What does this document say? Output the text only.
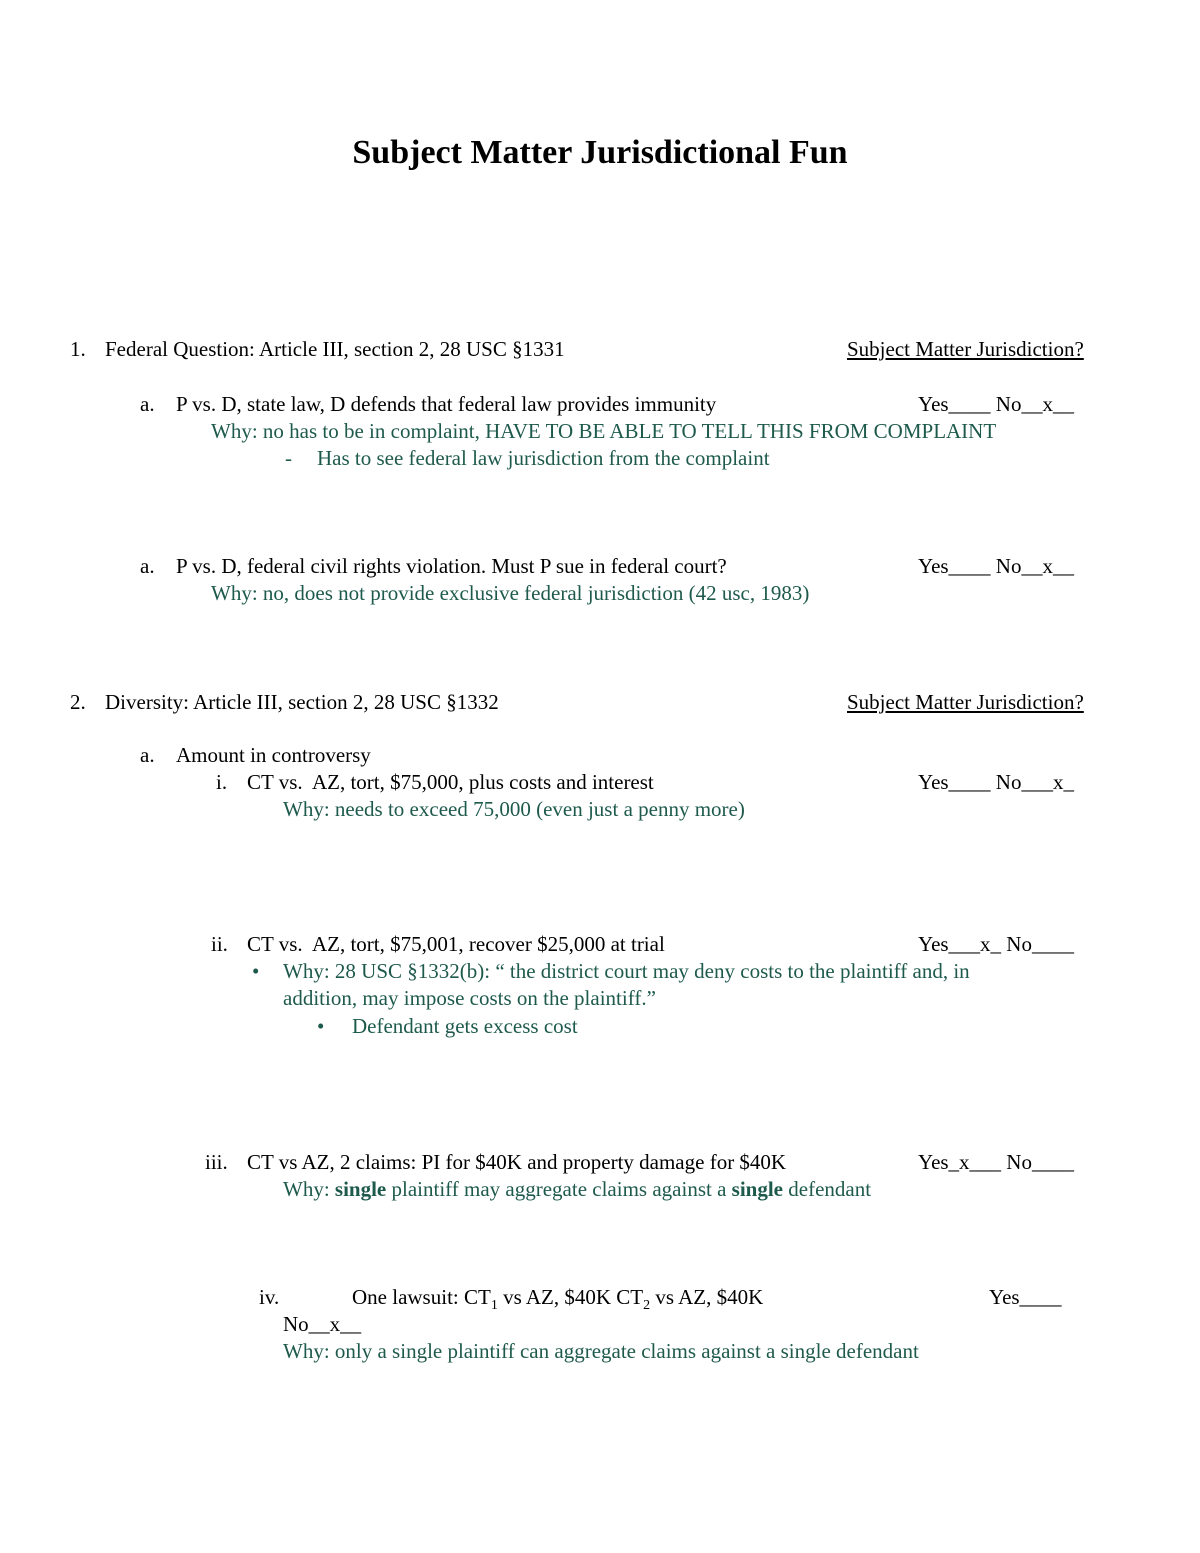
Subject Matter Jurisdictional Fun
1. Federal Question: Article III, section 2, 28 USC §1331	Subject Matter Jurisdiction?
a. P vs. D, state law, D defends that federal law provides immunity	Yes____ No__x__
Why: no has to be in complaint, HAVE TO BE ABLE TO TELL THIS FROM COMPLAINT
- Has to see federal law jurisdiction from the complaint
a. P vs. D, federal civil rights violation. Must P sue in federal court?	Yes____ No__x__
Why: no, does not provide exclusive federal jurisdiction (42 usc, 1983)
2. Diversity: Article III, section 2, 28 USC §1332	Subject Matter Jurisdiction?
a. Amount in controversy
i. CT vs.  AZ, tort, $75,000, plus costs and interest	Yes____ No___x_
Why: needs to exceed 75,000 (even just a penny more)
ii. CT vs.  AZ, tort, $75,001, recover $25,000 at trial	Yes___x_ No____
• Why: 28 USC §1332(b): “ the district court may deny costs to the plaintiff and, in
addition, may impose costs on the plaintiff.”
• Defendant gets excess cost
iii. CT vs AZ, 2 claims: PI for $40K and property damage for $40K	Yes_x___ No____
Why: single plaintiff may aggregate claims against a single defendant
iv.	One lawsuit: $CT_1$ vs AZ, $40K $CT_2$ vs AZ, $40K	Yes____
No__x__
Why: only a single plaintiff can aggregate claims against a single defendant
